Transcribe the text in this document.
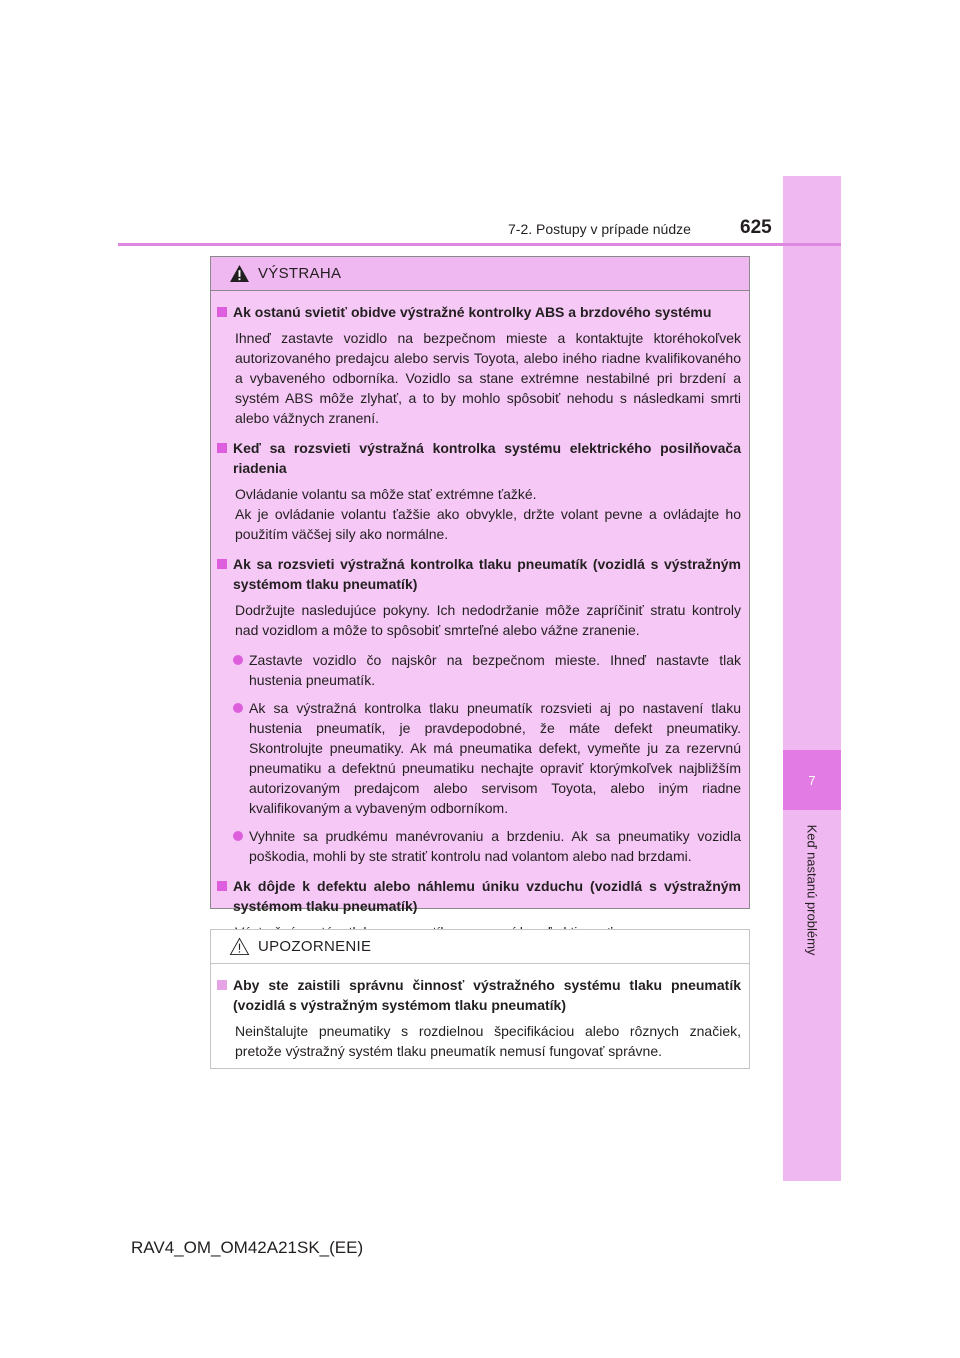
7
Keď nastanú problémy
7-2. Postupy v prípade núdze	625
VÝSTRAHA
Ak ostanú svietiť obidve výstražné kontrolky ABS a brzdového systému
Ihneď zastavte vozidlo na bezpečnom mieste a kontaktujte ktoréhokoľvek autorizovaného predajcu alebo servis Toyota, alebo iného riadne kvalifikovaného a vybaveného odborníka. Vozidlo sa stane extrémne nestabilné pri brzdení a systém ABS môže zlyhať, a to by mohlo spôsobiť nehodu s následkami smrti alebo vážnych zranení.
Keď sa rozsvieti výstražná kontrolka systému elektrického posilňovača riadenia
Ovládanie volantu sa môže stať extrémne ťažké.
Ak je ovládanie volantu ťažšie ako obvykle, držte volant pevne a ovládajte ho použitím väčšej sily ako normálne.
Ak sa rozsvieti výstražná kontrolka tlaku pneumatík (vozidlá s výstražným systémom tlaku pneumatík)
Dodržujte nasledujúce pokyny. Ich nedodržanie môže zapríčiniť stratu kontroly nad vozidlom a môže to spôsobiť smrteľné alebo vážne zranenie.
Zastavte vozidlo čo najskôr na bezpečnom mieste. Ihneď nastavte tlak hustenia pneumatík.
Ak sa výstražná kontrolka tlaku pneumatík rozsvieti aj po nastavení tlaku hustenia pneumatík, je pravdepodobné, že máte defekt pneumatiky. Skontrolujte pneumatiky. Ak má pneumatika defekt, vymeňte ju za rezervnú pneumatiku a defektnú pneumatiku nechajte opraviť ktorýmkoľvek najbližším autorizovaným predajcom alebo servisom Toyota, alebo iným riadne kvalifikovaným a vybaveným odborníkom.
Vyhnite sa prudkému manévrovaniu a brzdeniu. Ak sa pneumatiky vozidla poškodia, mohli by ste stratiť kontrolu nad volantom alebo nad brzdami.
Ak dôjde k defektu alebo náhlemu úniku vzduchu (vozidlá s výstražným systémom tlaku pneumatík)
UPOZORNENIE
Aby ste zaistili správnu činnosť výstražného systému tlaku pneumatík (vozidlá s výstražným systémom tlaku pneumatík)
Neinštalujte pneumatiky s rozdielnou špecifikáciou alebo rôznych značiek, pretože výstražný systém tlaku pneumatík nemusí fungovať správne.
RAV4_OM_OM42A21SK_(EE)
